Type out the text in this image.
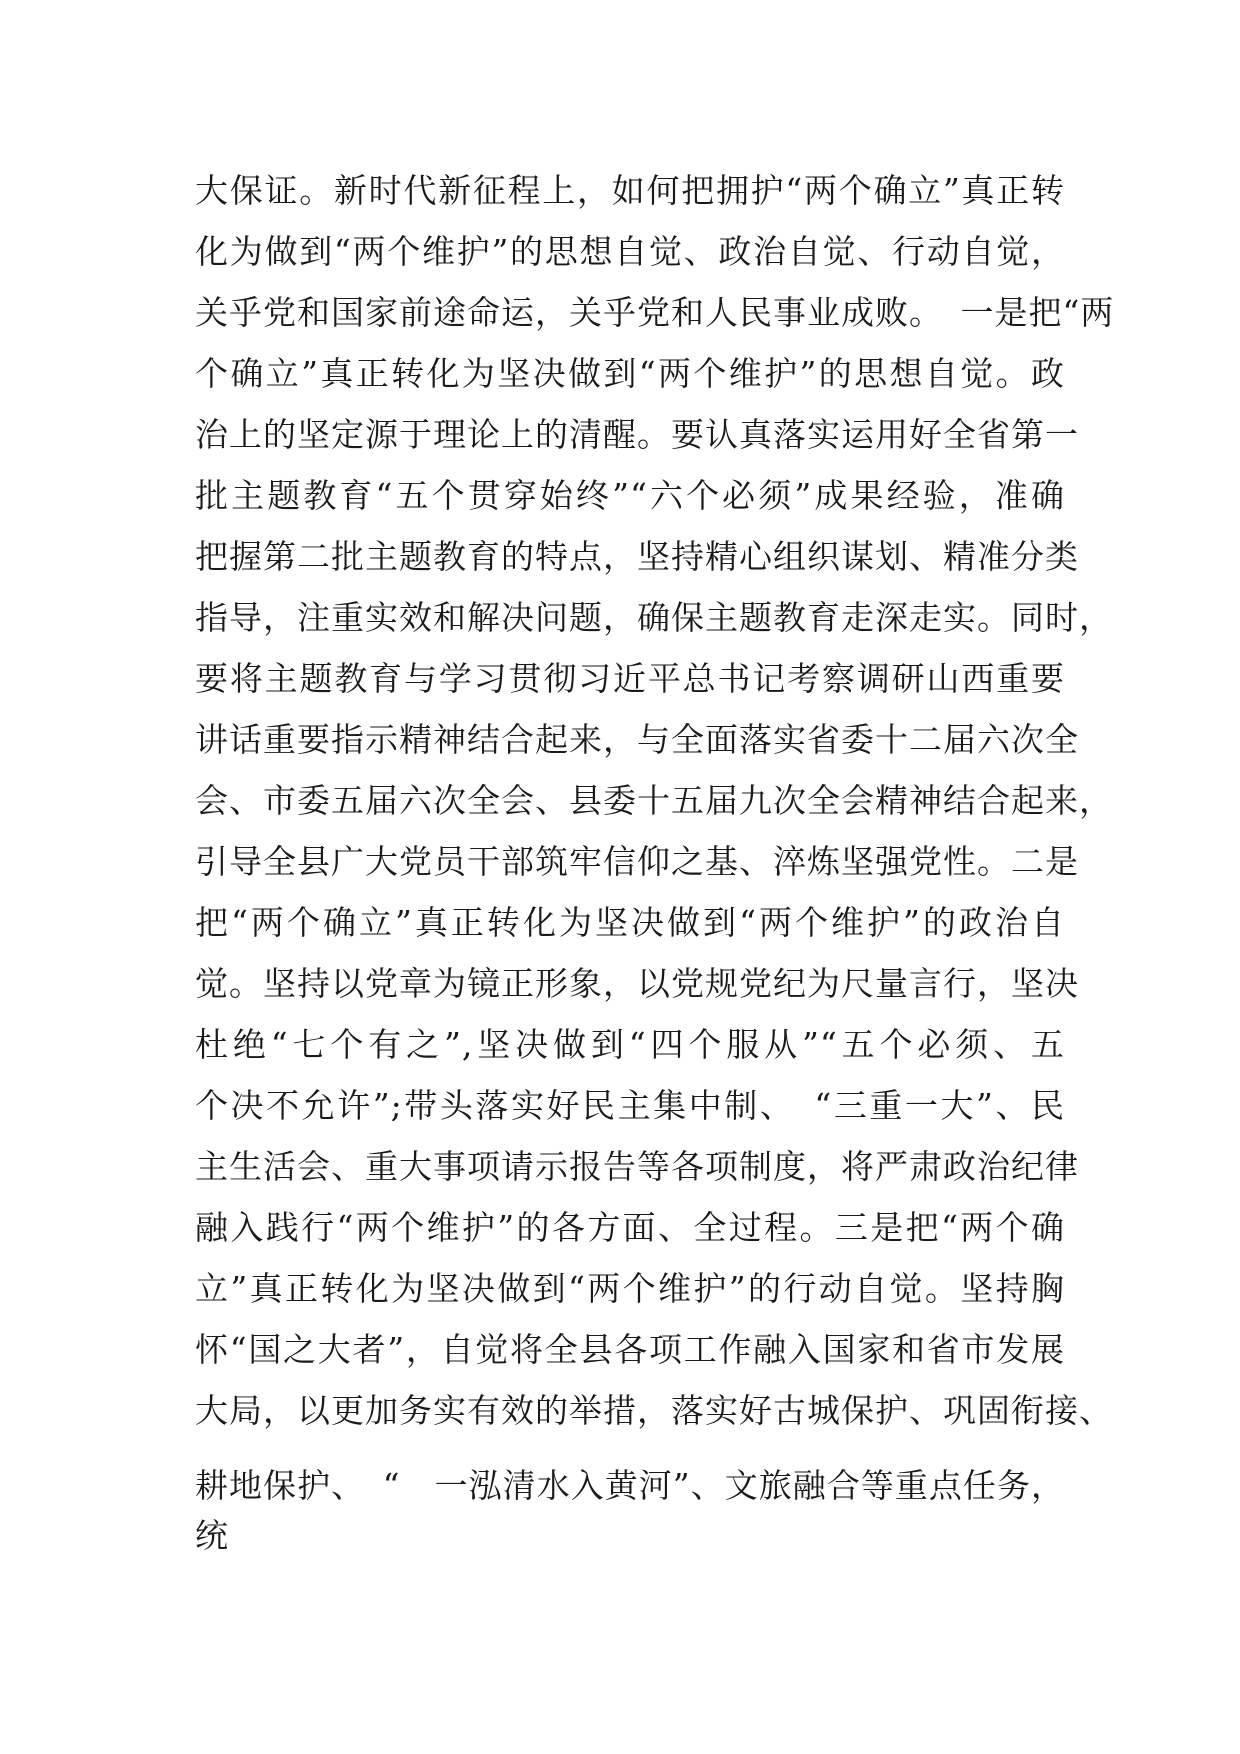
大保证。新时代新征程上，如何把拥护“两个确立”真正转
化为做到“两个维护”的思想自觉、政治自觉、行动自觉，
关乎党和国家前途命运，关乎党和人民事业成败。　一是把“两
个确立”真正转化为坚决做到“两个维护”的思想自觉。政
治上的坚定源于理论上的清醒。要认真落实运用好全省第一
批主题教育“五个贯穿始终”“六个必须”成果经验，准确
把握第二批主题教育的特点，坚持精心组织谋划、精准分类
指导，注重实效和解决问题，确保主题教育走深走实。同时，
要将主题教育与学习贯彻习近平总书记考察调研山西重要
讲话重要指示精神结合起来，与全面落实省委十二届六次全
会、市委五届六次全会、县委十五届九次全会精神结合起来，
引导全县广大党员干部筑牢信仰之基、淬炼坚强党性。二是
把“两个确立”真正转化为坚决做到“两个维护”的政治自
觉。坚持以党章为镜正形象，以党规党纪为尺量言行，坚决
杜绝“七个有之”,坚决做到“四个服从”“五个必须、五
个决不允许”;带头落实好民主集中制、　“三重一大”、民
主生活会、重大事项请示报告等各项制度，将严肃政治纪律
融入践行“两个维护”的各方面、全过程。三是把“两个确
立”真正转化为坚决做到“两个维护”的行动自觉。坚持胸
怀“国之大者”，自觉将全县各项工作融入国家和省市发展
大局，以更加务实有效的举措，落实好古城保护、巩固衔接、
耕地保护、　“　一泓清水入黄河”、文旅融合等重点任务，
统
